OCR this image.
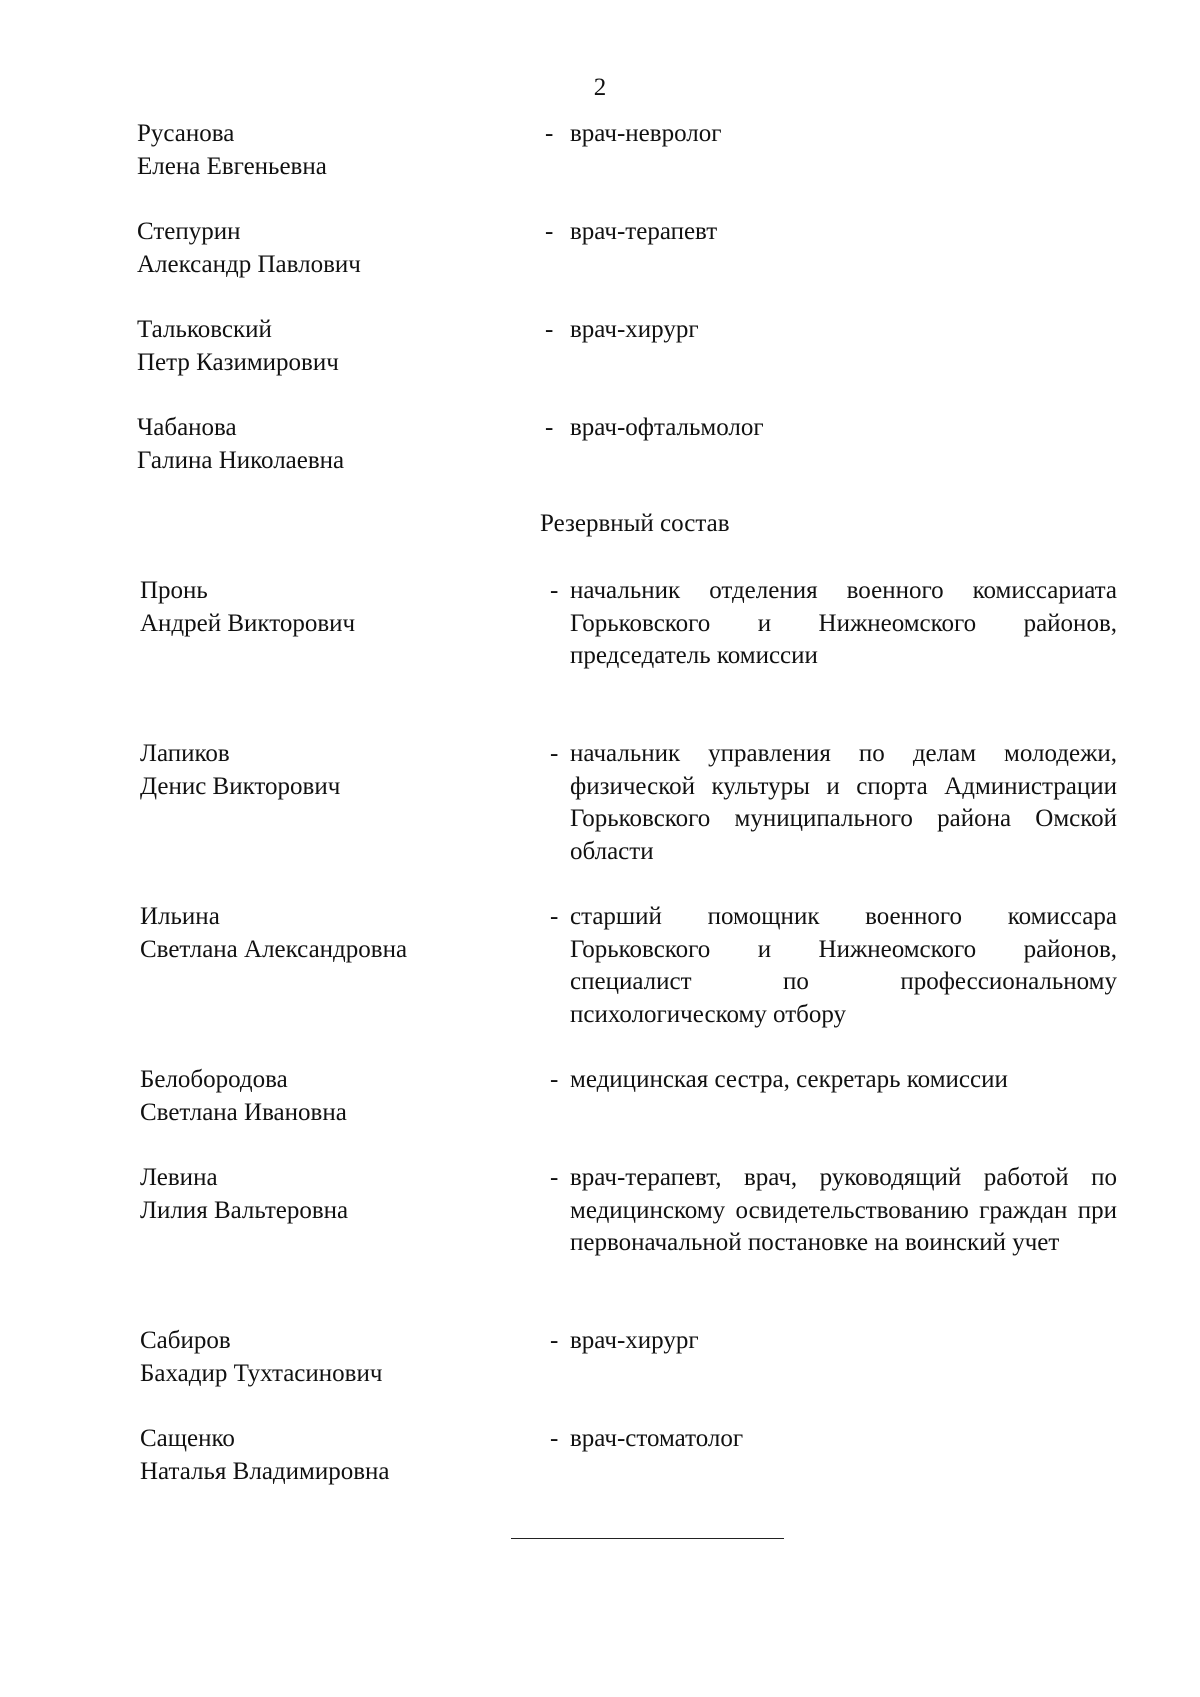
2
Русанова
Елена Евгеньевна
- врач-невролог
Степурин
Александр Павлович
- врач-терапевт
Тальковский
Петр Казимирович
- врач-хирург
Чабанова
Галина Николаевна
- врач-офтальмолог
Резервный состав
Пронь
Андрей Викторович
- начальник отделения военного комиссариата Горьковского и Нижнеомского районов, председатель комиссии
Лапиков
Денис Викторович
- начальник управления по делам молодежи, физической культуры и спорта Администрации Горьковского муниципального района Омской области
Ильина
Светлана Александровна
- старший помощник военного комиссара Горьковского и Нижнеомского районов, специалист по профессиональному психологическому отбору
Белобородова
Светлана Ивановна
- медицинская сестра, секретарь комиссии
Левина
Лилия Вальтеровна
- врач-терапевт, врач, руководящий работой по медицинскому освидетельствованию граждан при первоначальной постановке на воинский учет
Сабиров
Бахадир Тухтасинович
- врач-хирург
Сащенко
Наталья Владимировна
- врач-стоматолог
